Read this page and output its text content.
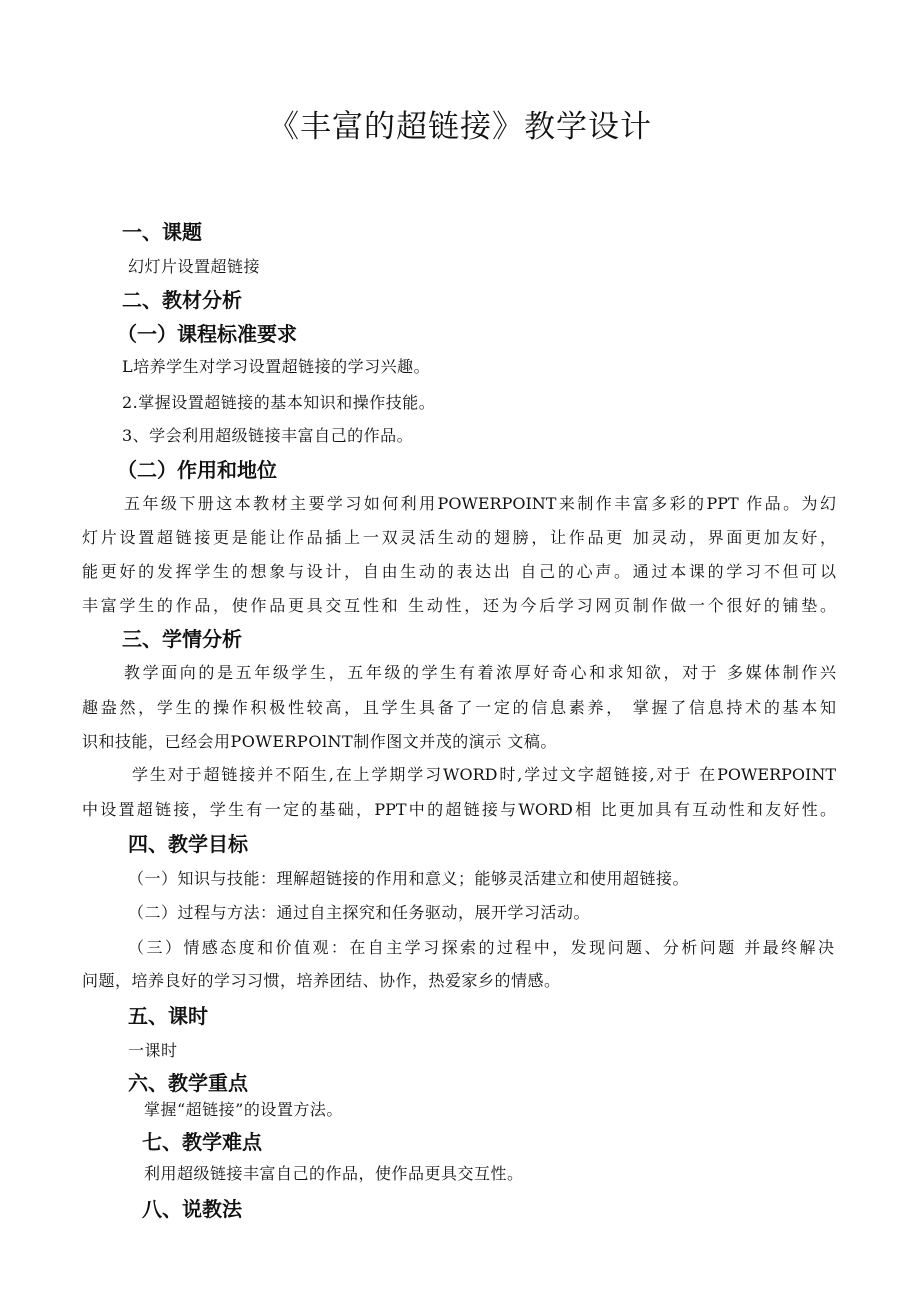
《丰富的超链接》教学设计
一、课题
幻灯片设置超链接
二、教材分析
（一）课程标准要求
L培养学生对学习设置超链接的学习兴趣。
2.掌握设置超链接的基本知识和操作技能。
3、学会利用超级链接丰富自己的作品。
（二）作用和地位
五年级下册这本教材主要学习如何利用POWERPOINT来制作丰富多彩的PPT 作品。为幻
灯片设置超链接更是能让作品插上一双灵活生动的翅膀，让作品更 加灵动，界面更加友好，
能更好的发挥学生的想象与设计，自由生动的表达出 自己的心声。通过本课的学习不但可以
丰富学生的作品，使作品更具交互性和 生动性，还为今后学习网页制作做一个很好的铺垫。
三、学情分析
教学面向的是五年级学生，五年级的学生有着浓厚好奇心和求知欲，对于 多媒体制作兴
趣盎然，学生的操作积极性较高，且学生具备了一定的信息素养， 掌握了信息持术的基本知
识和技能，已经会用POWERPOlNT制作图文并茂的演示 文稿。
学生对于超链接并不陌生,在上学期学习WORD时,学过文字超链接,对于 在POWERPOINT
中设置超链接，学生有一定的基础，PPT中的超链接与WORD相 比更加具有互动性和友好性。
四、教学目标
（一）知识与技能：理解超链接的作用和意义；能够灵活建立和使用超链接。
（二）过程与方法：通过自主探究和任务驱动，展开学习活动。
（三）情感态度和价值观：在自主学习探索的过程中，发现问题、分析问题 并最终解决
问题，培养良好的学习习惯，培养团结、协作，热爱家乡的情感。
五、课时
一课时
六、教学重点
掌握“超链接”的设置方法。
七、教学难点
利用超级链接丰富自己的作品，使作品更具交互性。
八、说教法
